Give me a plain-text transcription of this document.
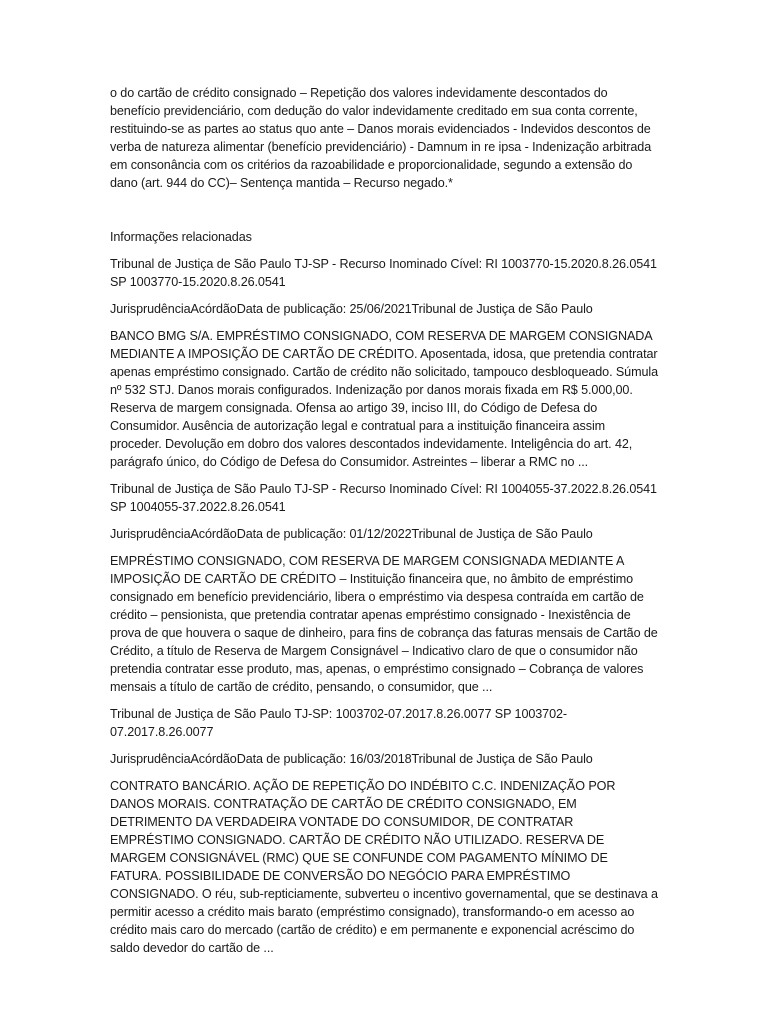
o do cartão de crédito consignado – Repetição dos valores indevidamente descontados do benefício previdenciário, com dedução do valor indevidamente creditado em sua conta corrente, restituindo-se as partes ao status quo ante – Danos morais evidenciados - Indevidos descontos de verba de natureza alimentar (benefício previdenciário) - Damnum in re ipsa - Indenização arbitrada em consonância com os critérios da razoabilidade e proporcionalidade, segundo a extensão do dano (art. 944 do CC)– Sentença mantida – Recurso negado.*

Informações relacionadas

Tribunal de Justiça de São Paulo TJ-SP - Recurso Inominado Cível: RI 1003770-15.2020.8.26.0541 SP 1003770-15.2020.8.26.0541

JurisprudênciaAcórdãoData de publicação: 25/06/2021Tribunal de Justiça de São Paulo

BANCO BMG S/A. EMPRÉSTIMO CONSIGNADO, COM RESERVA DE MARGEM CONSIGNADA MEDIANTE A IMPOSIÇÃO DE CARTÃO DE CRÉDITO. Aposentada, idosa, que pretendia contratar apenas empréstimo consignado. Cartão de crédito não solicitado, tampouco desbloqueado. Súmula nº 532 STJ. Danos morais configurados. Indenização por danos morais fixada em R$ 5.000,00. Reserva de margem consignada. Ofensa ao artigo 39, inciso III, do Código de Defesa do Consumidor. Ausência de autorização legal e contratual para a instituição financeira assim proceder. Devolução em dobro dos valores descontados indevidamente. Inteligência do art. 42, parágrafo único, do Código de Defesa do Consumidor. Astreintes – liberar a RMC no ...

Tribunal de Justiça de São Paulo TJ-SP - Recurso Inominado Cível: RI 1004055-37.2022.8.26.0541 SP 1004055-37.2022.8.26.0541

JurisprudênciaAcórdãoData de publicação: 01/12/2022Tribunal de Justiça de São Paulo

EMPRÉSTIMO CONSIGNADO, COM RESERVA DE MARGEM CONSIGNADA MEDIANTE A IMPOSIÇÃO DE CARTÃO DE CRÉDITO – Instituição financeira que, no âmbito de empréstimo consignado em benefício previdenciário, libera o empréstimo via despesa contraída em cartão de crédito – pensionista, que pretendia contratar apenas empréstimo consignado - Inexistência de prova de que houvera o saque de dinheiro, para fins de cobrança das faturas mensais de Cartão de Crédito, a título de Reserva de Margem Consignável – Indicativo claro de que o consumidor não pretendia contratar esse produto, mas, apenas, o empréstimo consignado – Cobrança de valores mensais a título de cartão de crédito, pensando, o consumidor, que ...

Tribunal de Justiça de São Paulo TJ-SP: 1003702-07.2017.8.26.0077 SP 1003702-07.2017.8.26.0077

JurisprudênciaAcórdãoData de publicação: 16/03/2018Tribunal de Justiça de São Paulo

CONTRATO BANCÁRIO. AÇÃO DE REPETIÇÃO DO INDÉBITO C.C. INDENIZAÇÃO POR DANOS MORAIS. CONTRATAÇÃO DE CARTÃO DE CRÉDITO CONSIGNADO, EM DETRIMENTO DA VERDADEIRA VONTADE DO CONSUMIDOR, DE CONTRATAR EMPRÉSTIMO CONSIGNADO. CARTÃO DE CRÉDITO NÃO UTILIZADO. RESERVA DE MARGEM CONSIGNÁVEL (RMC) QUE SE CONFUNDE COM PAGAMENTO MÍNIMO DE FATURA. POSSIBILIDADE DE CONVERSÃO DO NEGÓCIO PARA EMPRÉSTIMO CONSIGNADO. O réu, sub-repticiamente, subverteu o incentivo governamental, que se destinava a permitir acesso a crédito mais barato (empréstimo consignado), transformando-o em acesso ao crédito mais caro do mercado (cartão de crédito) e em permanente e exponencial acréscimo do saldo devedor do cartão de ...
